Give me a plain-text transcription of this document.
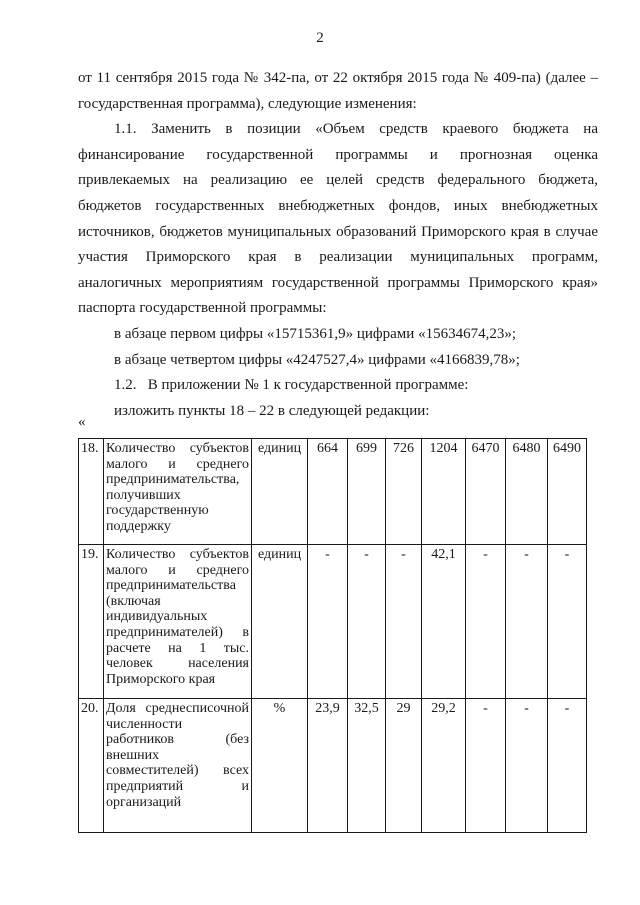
2

от 11 сентября 2015 года № 342-па, от 22 октября 2015 года № 409-па) (далее – государственная программа), следующие изменения:

1.1. Заменить в позиции «Объем средств краевого бюджета на финансирование государственной программы и прогнозная оценка привлекаемых на реализацию ее целей средств федерального бюджета, бюджетов государственных внебюджетных фондов, иных внебюджетных источников, бюджетов муниципальных образований Приморского края в случае участия Приморского края в реализации муниципальных программ, аналогичных мероприятиям государственной программы Приморского края» паспорта государственной программы:

в абзаце первом цифры «15715361,9» цифрами «15634674,23»;

в абзаце четвертом цифры «4247527,4» цифрами «4166839,78»;

1.2.   В приложении № 1 к государственной программе:

изложить пункты 18 – 22 в следующей редакции:

«
18.	Количество субъектов малого и среднего предпринимательства, получивших государственную поддержку	единиц	664	699	726	1204	6470	6480	6490
19.	Количество субъектов малого и среднего предпринимательства (включая индивидуальных предпринимателей) в расчете на 1 тыс. человек населения Приморского края	единиц	-	-	-	42,1	-	-	-
20.	Доля среднесписочной численности работников (без внешних совместителей) всех предприятий и организаций	%	23,9	32,5	29	29,2	-	-	-
